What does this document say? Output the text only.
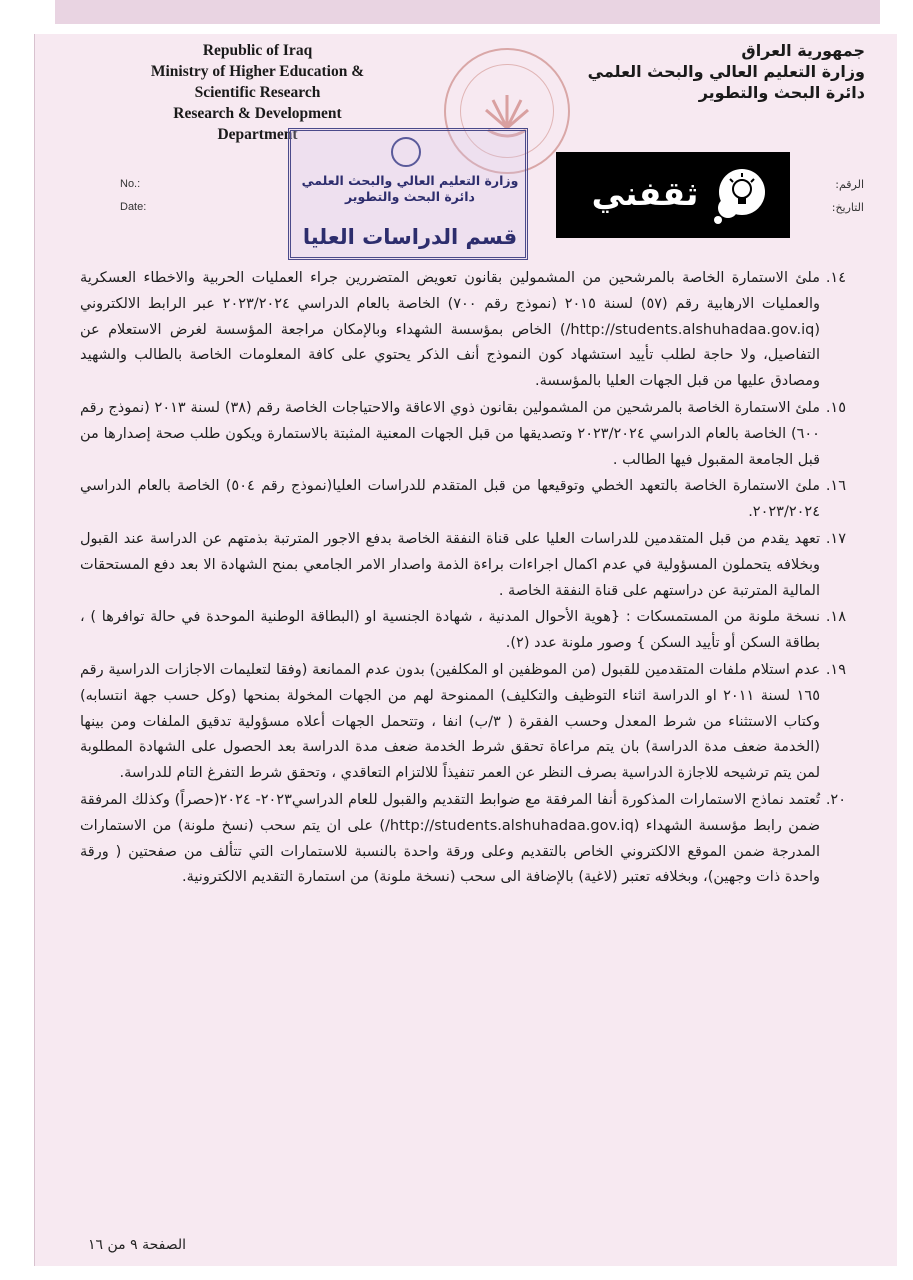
Republic of Iraq
Ministry of Higher Education &
Scientific Research
Research & Development
Department
جمهورية العراق
وزارة التعليم العالي والبحث العلمي
دائرة البحث والتطوير
وزارة التعليم العالي والبحث العلمي
دائرة البحث والتطوير
قسم الدراسات العليا
No.:
Date:
الرقم:
التاريخ:
ثقفني
١٤.
ملئ الاستمارة الخاصة بالمرشحين من المشمولين بقانون تعويض المتضررين جراء العمليات الحربية والاخطاء العسكرية والعمليات الارهابية رقم (٥٧) لسنة ٢٠١٥ (نموذج رقم ٧٠٠) الخاصة بالعام الدراسي ٢٠٢٣/٢٠٢٤ عبر الرابط الالكتروني (http://students.alshuhadaa.gov.iq/) الخاص بمؤسسة الشهداء وبالإمكان مراجعة المؤسسة لغرض الاستعلام عن التفاصيل، ولا حاجة لطلب تأييد استشهاد كون النموذج أنف الذكر يحتوي على كافة المعلومات الخاصة بالطالب والشهيد ومصادق عليها من قبل الجهات العليا بالمؤسسة.
١٥.
ملئ الاستمارة الخاصة بالمرشحين من المشمولين بقانون ذوي الاعاقة والاحتياجات الخاصة رقم (٣٨) لسنة ٢٠١٣ (نموذج رقم ٦٠٠) الخاصة بالعام الدراسي ٢٠٢٣/٢٠٢٤ وتصديقها من قبل الجهات المعنية المثبتة بالاستمارة ويكون طلب صحة إصدارها من قبل الجامعة المقبول فيها الطالب .
١٦.
ملئ الاستمارة الخاصة بالتعهد الخطي وتوقيعها من قبل المتقدم للدراسات العليا(نموذج رقم ٥٠٤) الخاصة بالعام الدراسي ٢٠٢٣/٢٠٢٤.
١٧.
تعهد يقدم من قبل المتقدمين للدراسات العليا على قناة النفقة الخاصة بدفع الاجور المترتبة بذمتهم عن الدراسة عند القبول وبخلافه يتحملون المسؤولية في عدم اكمال اجراءات براءة الذمة واصدار الامر الجامعي بمنح الشهادة الا بعد دفع المستحقات المالية المترتبة عن دراستهم على قناة النفقة الخاصة .
١٨.
نسخة ملونة من المستمسكات : {هوية الأحوال المدنية ، شهادة الجنسية او (البطاقة الوطنية الموحدة في حالة توافرها ) ، بطاقة السكن أو تأييد السكن } وصور ملونة عدد (٢).
١٩.
عدم استلام ملفات المتقدمين للقبول (من الموظفين او المكلفين) بدون عدم الممانعة (وفقا لتعليمات الاجازات الدراسية رقم ١٦٥ لسنة ٢٠١١ او الدراسة اثناء التوظيف والتكليف) الممنوحة لهم من الجهات المخولة بمنحها (وكل حسب جهة انتسابه) وكتاب الاستثناء من شرط المعدل وحسب الفقرة ( ٣/ب) انفا ، وتتحمل الجهات أعلاه مسؤولية تدقيق الملفات ومن بينها (الخدمة ضعف مدة الدراسة) بان يتم مراعاة تحقق شرط الخدمة ضعف مدة الدراسة بعد الحصول على الشهادة المطلوبة لمن يتم ترشيحه للاجازة الدراسية بصرف النظر عن العمر تنفيذاً للالتزام التعاقدي ، وتحقق شرط التفرغ التام للدراسة.
٢٠.
تُعتمد نماذج الاستمارات المذكورة أنفا المرفقة مع ضوابط التقديم والقبول للعام الدراسي٢٠٢٣- ٢٠٢٤(حصراً) وكذلك المرفقة ضمن رابط مؤسسة الشهداء (http://students.alshuhadaa.gov.iq/) على ان يتم سحب (نسخ ملونة) من الاستمارات المدرجة ضمن الموقع الالكتروني الخاص بالتقديم وعلى ورقة واحدة بالنسبة للاستمارات التي تتألف من صفحتين ( ورقة واحدة ذات وجهين)، وبخلافه تعتبر (لاغية) بالإضافة الى سحب (نسخة ملونة) من استمارة التقديم الالكترونية.
الصفحة ٩ من ١٦
